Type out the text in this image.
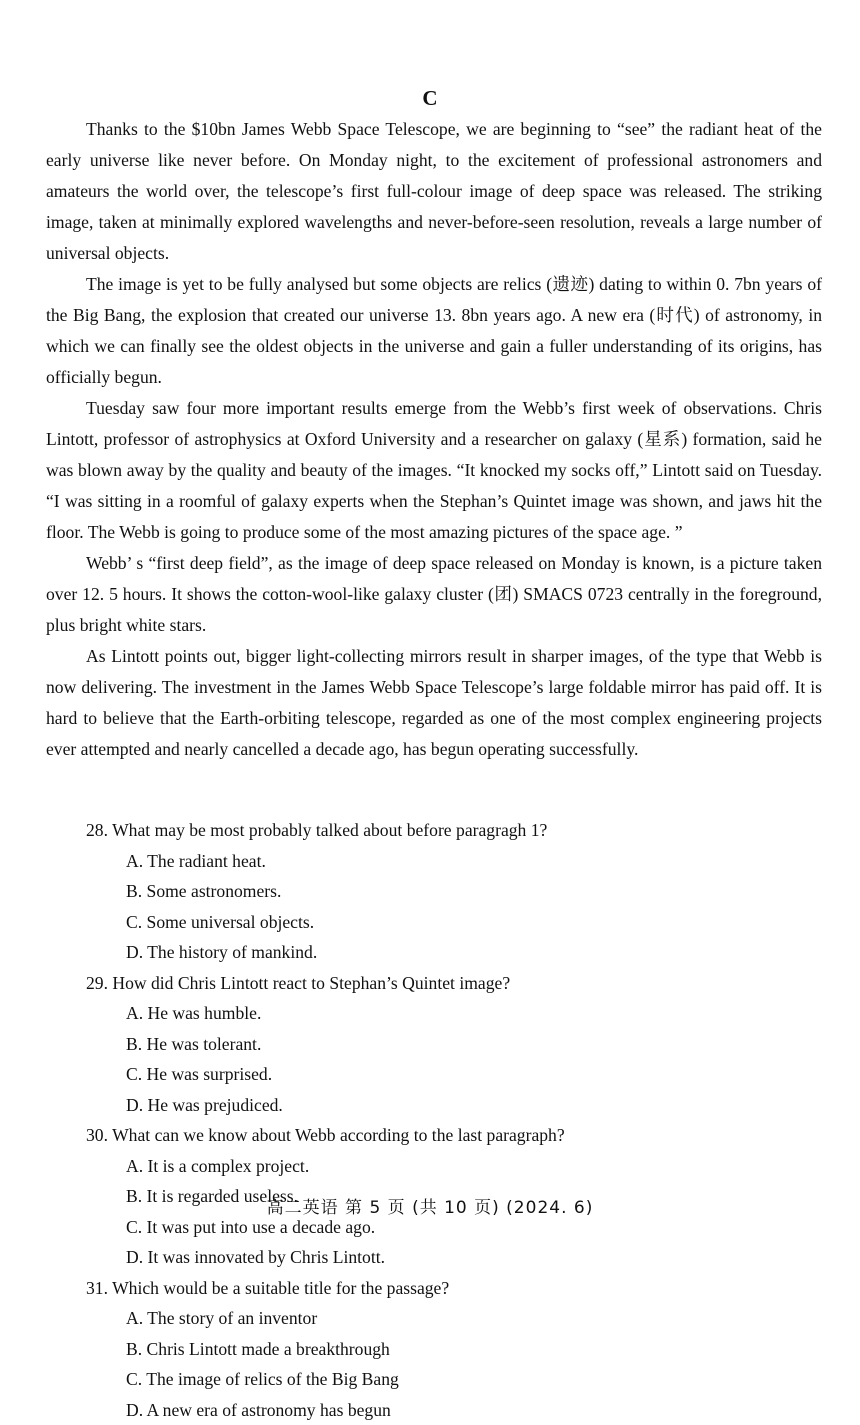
C

Thanks to the $10bn James Webb Space Telescope, we are beginning to “see” the radiant heat of the early universe like never before. On Monday night, to the excitement of professional astronomers and amateurs the world over, the telescope’s first full-colour image of deep space was released. The striking image, taken at minimally explored wavelengths and never-before-seen resolution, reveals a large number of universal objects.

The image is yet to be fully analysed but some objects are relics (遗迹) dating to within 0. 7bn years of the Big Bang, the explosion that created our universe 13. 8bn years ago. A new era (时代) of astronomy, in which we can finally see the oldest objects in the universe and gain a fuller understanding of its origins, has officially begun.

Tuesday saw four more important results emerge from the Webb’s first week of observations. Chris Lintott, professor of astrophysics at Oxford University and a researcher on galaxy (星系) formation, said he was blown away by the quality and beauty of the images. “It knocked my socks off,” Lintott said on Tuesday. “I was sitting in a roomful of galaxy experts when the Stephan’s Quintet image was shown, and jaws hit the floor. The Webb is going to produce some of the most amazing pictures of the space age. ”

Webb’ s “first deep field”, as the image of deep space released on Monday is known, is a picture taken over 12. 5 hours. It shows the cotton-wool-like galaxy cluster (团) SMACS 0723 centrally in the foreground, plus bright white stars.

As Lintott points out, bigger light-collecting mirrors result in sharper images, of the type that Webb is now delivering. The investment in the James Webb Space Telescope’s large foldable mirror has paid off. It is hard to believe that the Earth-orbiting telescope, regarded as one of the most complex engineering projects ever attempted and nearly cancelled a decade ago, has begun operating successfully.

28. What may be most probably talked about before paragragh 1?
A. The radiant heat.
B. Some astronomers.
C. Some universal objects.
D. The history of mankind.
29. How did Chris Lintott react to Stephan’s Quintet image?
A. He was humble.
B. He was tolerant.
C. He was surprised.
D. He was prejudiced.
30. What can we know about Webb according to the last paragraph?
A. It is a complex project.
B. It is regarded useless.
C. It was put into use a decade ago.
D. It was innovated by Chris Lintott.
31. Which would be a suitable title for the passage?
A. The story of an inventor
B. Chris Lintott made a breakthrough
C. The image of relics of the Big Bang
D. A new era of astronomy has begun
高二英语 第 5 页 (共 10 页) (2024. 6)
